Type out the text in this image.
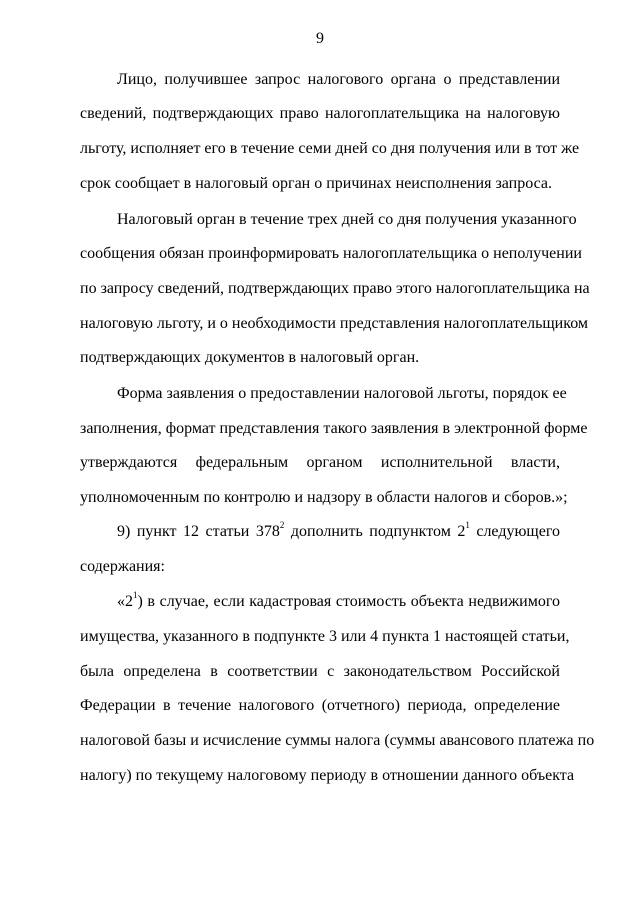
9
Лицо, получившее запрос налогового органа о представлении
сведений, подтверждающих право налогоплательщика на налоговую
льготу, исполняет его в течение семи дней со дня получения или в тот же
срок сообщает в налоговый орган о причинах неисполнения запроса.
Налоговый орган в течение трех дней со дня получения указанного
сообщения обязан проинформировать налогоплательщика о неполучении
по запросу сведений, подтверждающих право этого налогоплательщика на
налоговую льготу, и о необходимости представления налогоплательщиком
подтверждающих документов в налоговый орган.
Форма заявления о предоставлении налоговой льготы, порядок ее
заполнения, формат представления такого заявления в электронной форме
утверждаются федеральным органом исполнительной власти,
уполномоченным по контролю и надзору в области налогов и сборов.»;
9) пункт 12 статьи $378^2$ дополнить подпунктом $2^1$ следующего
содержания:
«$2^1$) в случае, если кадастровая стоимость объекта недвижимого
имущества, указанного в подпункте 3 или 4 пункта 1 настоящей статьи,
была определена в соответствии с законодательством Российской
Федерации в течение налогового (отчетного) периода, определение
налоговой базы и исчисление суммы налога (суммы авансового платежа по
налогу) по текущему налоговому периоду в отношении данного объекта
